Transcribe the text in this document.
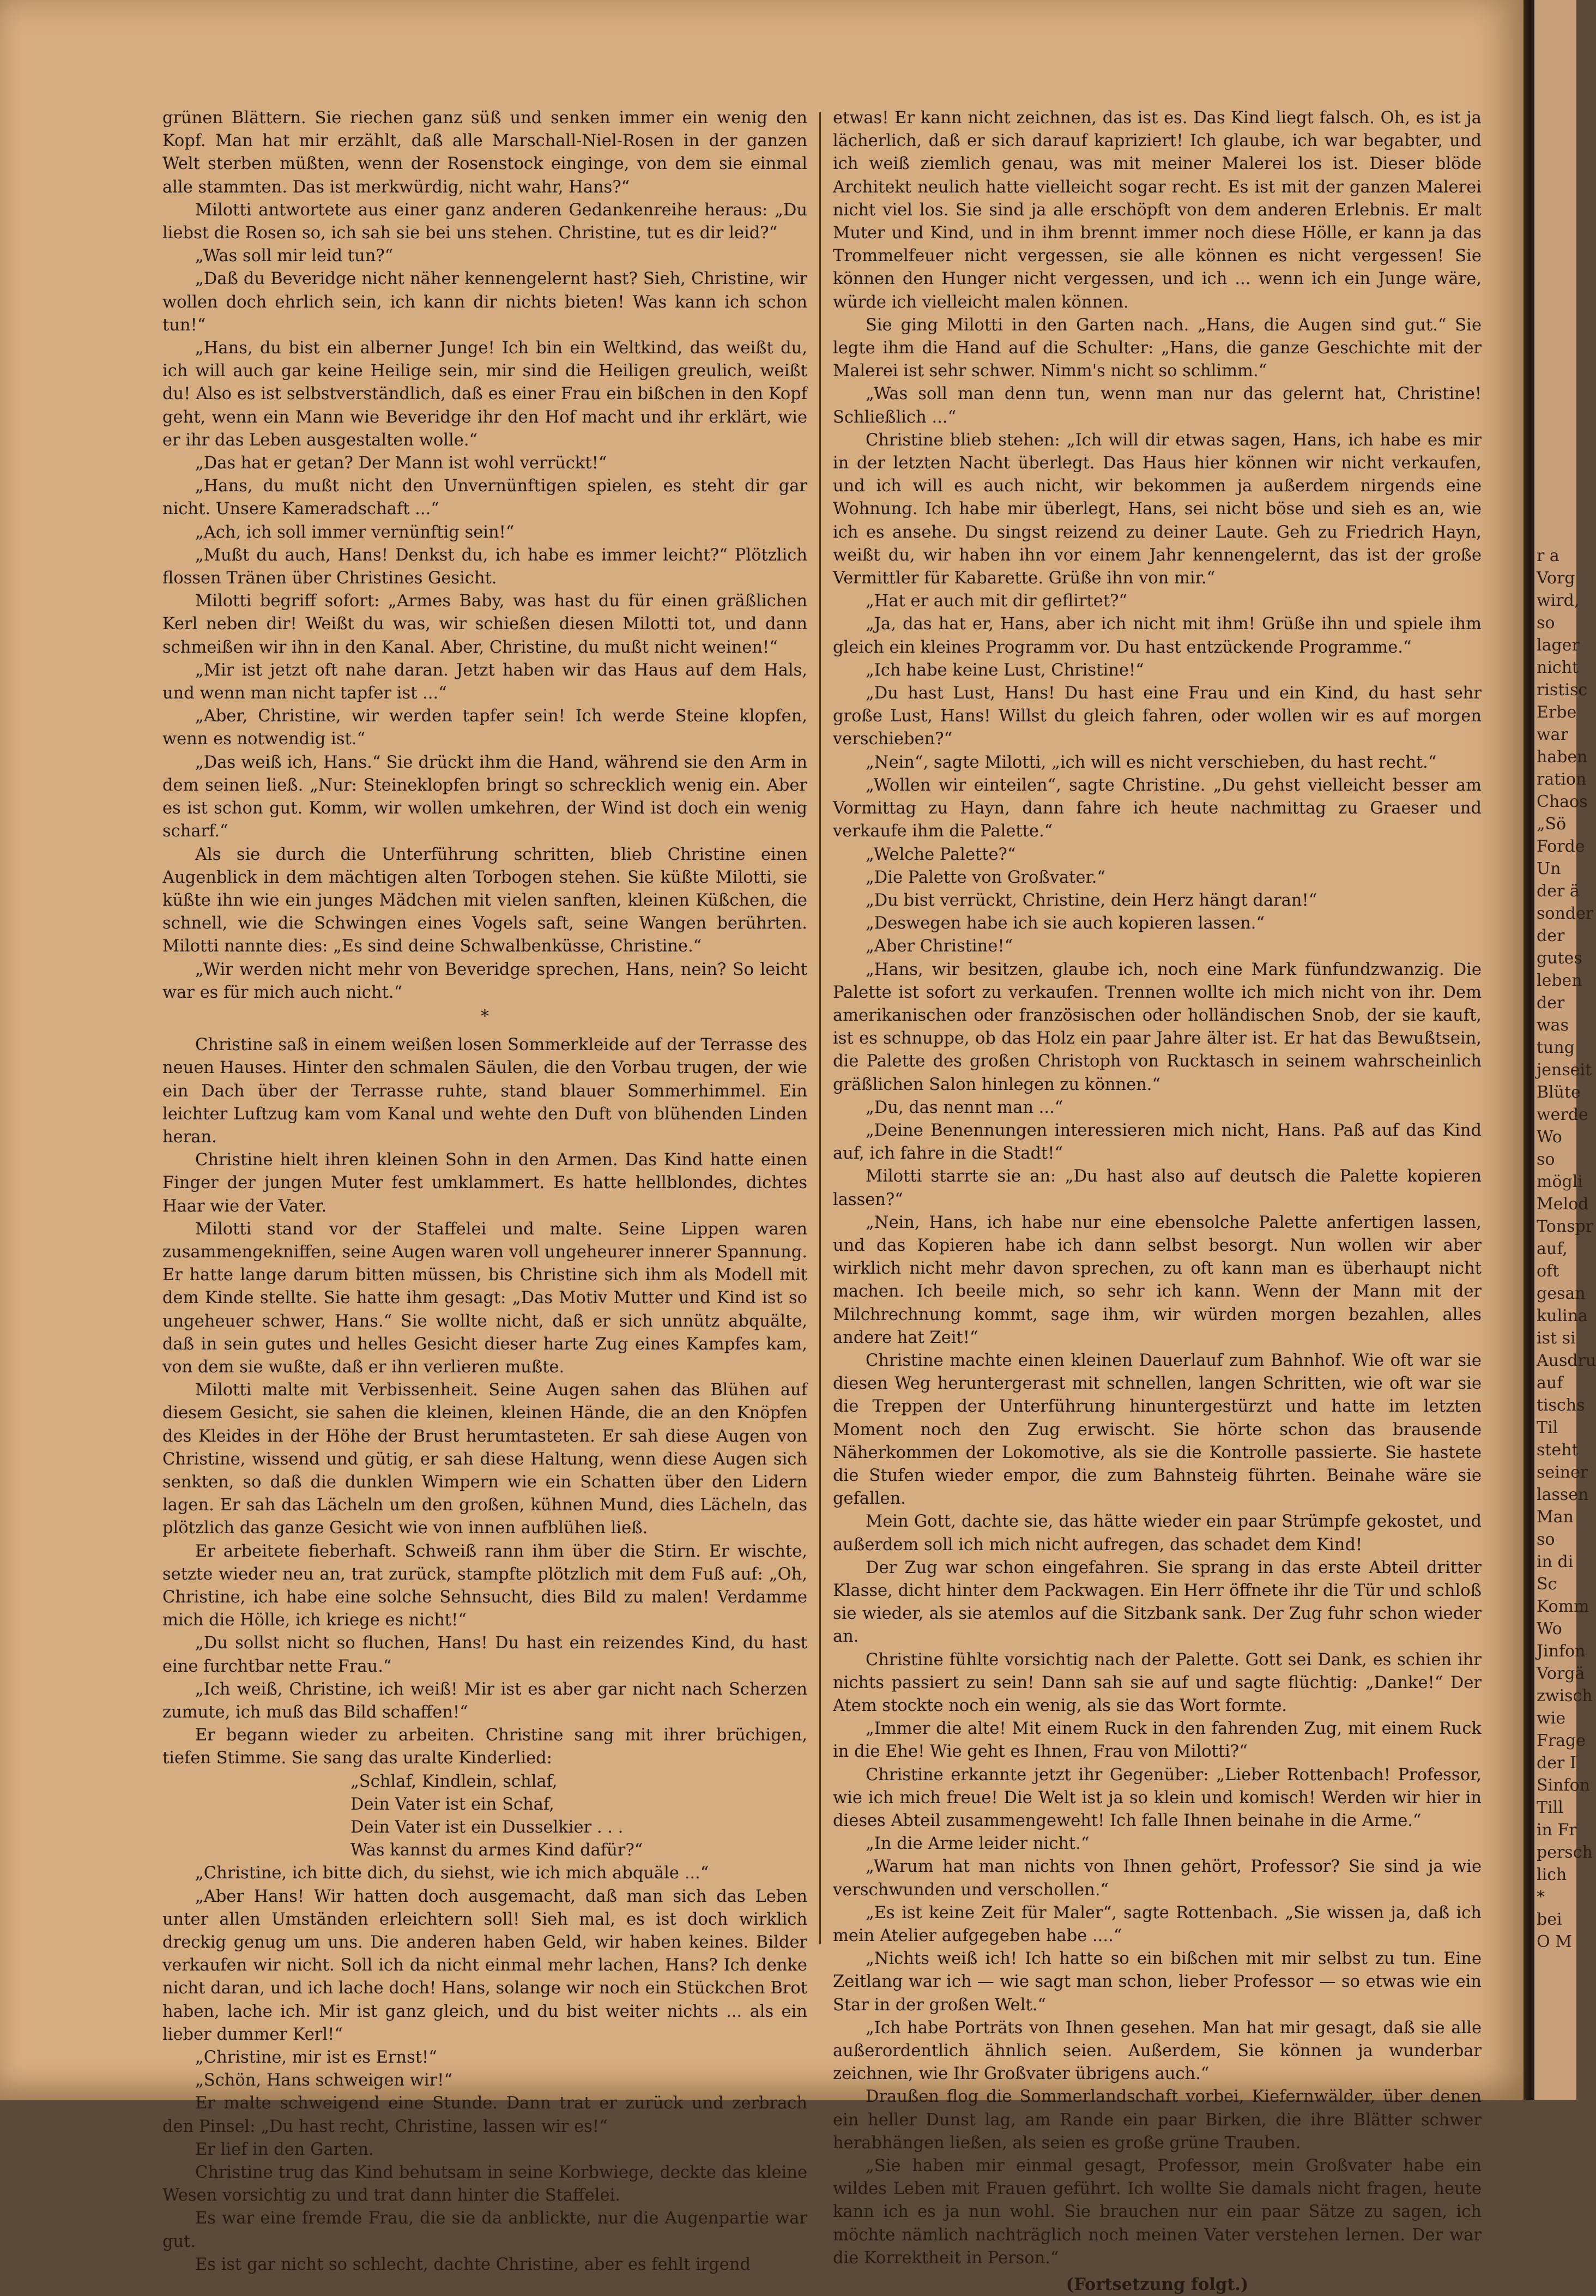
grünen Blättern. Sie riechen ganz süß und senken immer ein wenig den Kopf. Man hat mir erzählt, daß alle Marschall-Niel-Rosen in der ganzen Welt sterben müßten, wenn der Rosenstock einginge, von dem sie einmal alle stammten. Das ist merkwürdig, nicht wahr, Hans?“

Milotti antwortete aus einer ganz anderen Gedankenreihe heraus: „Du liebst die Rosen so, ich sah sie bei uns stehen. Christine, tut es dir leid?“

„Was soll mir leid tun?“

„Daß du Beveridge nicht näher kennengelernt hast? Sieh, Christine, wir wollen doch ehrlich sein, ich kann dir nichts bieten! Was kann ich schon tun!“

„Hans, du bist ein alberner Junge! Ich bin ein Weltkind, das weißt du, ich will auch gar keine Heilige sein, mir sind die Heiligen greulich, weißt du! Also es ist selbstverständlich, daß es einer Frau ein bißchen in den Kopf geht, wenn ein Mann wie Beveridge ihr den Hof macht und ihr erklärt, wie er ihr das Leben ausgestalten wolle.“

„Das hat er getan? Der Mann ist wohl verrückt!“

„Hans, du mußt nicht den Unvernünftigen spielen, es steht dir gar nicht. Unsere Kameradschaft ...“

„Ach, ich soll immer vernünftig sein!“

„Mußt du auch, Hans! Denkst du, ich habe es immer leicht?“ Plötzlich flossen Tränen über Christines Gesicht.

Milotti begriff sofort: „Armes Baby, was hast du für einen gräßlichen Kerl neben dir! Weißt du was, wir schießen diesen Milotti tot, und dann schmeißen wir ihn in den Kanal. Aber, Christine, du mußt nicht weinen!“

„Mir ist jetzt oft nahe daran. Jetzt haben wir das Haus auf dem Hals, und wenn man nicht tapfer ist ...“

„Aber, Christine, wir werden tapfer sein! Ich werde Steine klopfen, wenn es notwendig ist.“

„Das weiß ich, Hans.“ Sie drückt ihm die Hand, während sie den Arm in dem seinen ließ. „Nur: Steineklopfen bringt so schrecklich wenig ein. Aber es ist schon gut. Komm, wir wollen umkehren, der Wind ist doch ein wenig scharf.“

Als sie durch die Unterführung schritten, blieb Christine einen Augenblick in dem mächtigen alten Torbogen stehen. Sie küßte Milotti, sie küßte ihn wie ein junges Mädchen mit vielen sanften, kleinen Küßchen, die schnell, wie die Schwingen eines Vogels saft, seine Wangen berührten. Milotti nannte dies: „Es sind deine Schwalbenküsse, Christine.“

„Wir werden nicht mehr von Beveridge sprechen, Hans, nein? So leicht war es für mich auch nicht.“

*

Christine saß in einem weißen losen Sommerkleide auf der Terrasse des neuen Hauses. Hinter den schmalen Säulen, die den Vorbau trugen, der wie ein Dach über der Terrasse ruhte, stand blauer Sommerhimmel. Ein leichter Luftzug kam vom Kanal und wehte den Duft von blühenden Linden heran.

Christine hielt ihren kleinen Sohn in den Armen. Das Kind hatte einen Finger der jungen Muter fest umklammert. Es hatte hellblondes, dichtes Haar wie der Vater.

Milotti stand vor der Staffelei und malte. Seine Lippen waren zusammengekniffen, seine Augen waren voll ungeheurer innerer Spannung. Er hatte lange darum bitten müssen, bis Christine sich ihm als Modell mit dem Kinde stellte. Sie hatte ihm gesagt: „Das Motiv Mutter und Kind ist so ungeheuer schwer, Hans.“ Sie wollte nicht, daß er sich unnütz abquälte, daß in sein gutes und helles Gesicht dieser harte Zug eines Kampfes kam, von dem sie wußte, daß er ihn verlieren mußte.

Milotti malte mit Verbissenheit. Seine Augen sahen das Blühen auf diesem Gesicht, sie sahen die kleinen, kleinen Hände, die an den Knöpfen des Kleides in der Höhe der Brust herumtasteten. Er sah diese Augen von Christine, wissend und gütig, er sah diese Haltung, wenn diese Augen sich senkten, so daß die dunklen Wimpern wie ein Schatten über den Lidern lagen. Er sah das Lächeln um den großen, kühnen Mund, dies Lächeln, das plötzlich das ganze Gesicht wie von innen aufblühen ließ.

Er arbeitete fieberhaft. Schweiß rann ihm über die Stirn. Er wischte, setzte wieder neu an, trat zurück, stampfte plötzlich mit dem Fuß auf: „Oh, Christine, ich habe eine solche Sehnsucht, dies Bild zu malen! Verdamme mich die Hölle, ich kriege es nicht!“

„Du sollst nicht so fluchen, Hans! Du hast ein reizendes Kind, du hast eine furchtbar nette Frau.“

„Ich weiß, Christine, ich weiß! Mir ist es aber gar nicht nach Scherzen zumute, ich muß das Bild schaffen!“

Er begann wieder zu arbeiten. Christine sang mit ihrer brüchigen, tiefen Stimme. Sie sang das uralte Kinderlied:

„Schlaf, Kindlein, schlaf,
Dein Vater ist ein Schaf,
Dein Vater ist ein Dusselkier . . .
Was kannst du armes Kind dafür?“

„Christine, ich bitte dich, du siehst, wie ich mich abquäle ...“

„Aber Hans! Wir hatten doch ausgemacht, daß man sich das Leben unter allen Umständen erleichtern soll! Sieh mal, es ist doch wirklich dreckig genug um uns. Die anderen haben Geld, wir haben keines. Bilder verkaufen wir nicht. Soll ich da nicht einmal mehr lachen, Hans? Ich denke nicht daran, und ich lache doch! Hans, solange wir noch ein Stückchen Brot haben, lache ich. Mir ist ganz gleich, und du bist weiter nichts ... als ein lieber dummer Kerl!“

„Christine, mir ist es Ernst!“

„Schön, Hans schweigen wir!“

Er malte schweigend eine Stunde. Dann trat er zurück und zerbrach den Pinsel: „Du hast recht, Christine, lassen wir es!“

Er lief in den Garten.

Christine trug das Kind behutsam in seine Korbwiege, deckte das kleine Wesen vorsichtig zu und trat dann hinter die Staffelei.

Es war eine fremde Frau, die sie da anblickte, nur die Augenpartie war gut.

Es ist gar nicht so schlecht, dachte Christine, aber es fehlt irgend

etwas! Er kann nicht zeichnen, das ist es. Das Kind liegt falsch. Oh, es ist ja lächerlich, daß er sich darauf kapriziert! Ich glaube, ich war begabter, und ich weiß ziemlich genau, was mit meiner Malerei los ist. Dieser blöde Architekt neulich hatte vielleicht sogar recht. Es ist mit der ganzen Malerei nicht viel los. Sie sind ja alle erschöpft von dem anderen Erlebnis. Er malt Muter und Kind, und in ihm brennt immer noch diese Hölle, er kann ja das Trommelfeuer nicht vergessen, sie alle können es nicht vergessen! Sie können den Hunger nicht vergessen, und ich ... wenn ich ein Junge wäre, würde ich vielleicht malen können.

Sie ging Milotti in den Garten nach. „Hans, die Augen sind gut.“ Sie legte ihm die Hand auf die Schulter: „Hans, die ganze Geschichte mit der Malerei ist sehr schwer. Nimm's nicht so schlimm.“

„Was soll man denn tun, wenn man nur das gelernt hat, Christine! Schließlich ...“

Christine blieb stehen: „Ich will dir etwas sagen, Hans, ich habe es mir in der letzten Nacht überlegt. Das Haus hier können wir nicht verkaufen, und ich will es auch nicht, wir bekommen ja außerdem nirgends eine Wohnung. Ich habe mir überlegt, Hans, sei nicht böse und sieh es an, wie ich es ansehe. Du singst reizend zu deiner Laute. Geh zu Friedrich Hayn, weißt du, wir haben ihn vor einem Jahr kennengelernt, das ist der große Vermittler für Kabarette. Grüße ihn von mir.“

„Hat er auch mit dir geflirtet?“

„Ja, das hat er, Hans, aber ich nicht mit ihm! Grüße ihn und spiele ihm gleich ein kleines Programm vor. Du hast entzückende Programme.“

„Ich habe keine Lust, Christine!“

„Du hast Lust, Hans! Du hast eine Frau und ein Kind, du hast sehr große Lust, Hans! Willst du gleich fahren, oder wollen wir es auf morgen verschieben?“

„Nein“, sagte Milotti, „ich will es nicht verschieben, du hast recht.“

„Wollen wir einteilen“, sagte Christine. „Du gehst vielleicht besser am Vormittag zu Hayn, dann fahre ich heute nachmittag zu Graeser und verkaufe ihm die Palette.“

„Welche Palette?“

„Die Palette von Großvater.“

„Du bist verrückt, Christine, dein Herz hängt daran!“

„Deswegen habe ich sie auch kopieren lassen.“

„Aber Christine!“

„Hans, wir besitzen, glaube ich, noch eine Mark fünfundzwanzig. Die Palette ist sofort zu verkaufen. Trennen wollte ich mich nicht von ihr. Dem amerikanischen oder französischen oder holländischen Snob, der sie kauft, ist es schnuppe, ob das Holz ein paar Jahre älter ist. Er hat das Bewußtsein, die Palette des großen Christoph von Rucktasch in seinem wahrscheinlich gräßlichen Salon hinlegen zu können.“

„Du, das nennt man ...“

„Deine Benennungen interessieren mich nicht, Hans. Paß auf das Kind auf, ich fahre in die Stadt!“

Milotti starrte sie an: „Du hast also auf deutsch die Palette kopieren lassen?“

„Nein, Hans, ich habe nur eine ebensolche Palette anfertigen lassen, und das Kopieren habe ich dann selbst besorgt. Nun wollen wir aber wirklich nicht mehr davon sprechen, zu oft kann man es überhaupt nicht machen. Ich beeile mich, so sehr ich kann. Wenn der Mann mit der Milchrechnung kommt, sage ihm, wir würden morgen bezahlen, alles andere hat Zeit!“

Christine machte einen kleinen Dauerlauf zum Bahnhof. Wie oft war sie diesen Weg heruntergerast mit schnellen, langen Schritten, wie oft war sie die Treppen der Unterführung hinuntergestürzt und hatte im letzten Moment noch den Zug erwischt. Sie hörte schon das brausende Näherkommen der Lokomotive, als sie die Kontrolle passierte. Sie hastete die Stufen wieder empor, die zum Bahnsteig führten. Beinahe wäre sie gefallen.

Mein Gott, dachte sie, das hätte wieder ein paar Strümpfe gekostet, und außerdem soll ich mich nicht aufregen, das schadet dem Kind!

Der Zug war schon eingefahren. Sie sprang in das erste Abteil dritter Klasse, dicht hinter dem Packwagen. Ein Herr öffnete ihr die Tür und schloß sie wieder, als sie atemlos auf die Sitzbank sank. Der Zug fuhr schon wieder an.

Christine fühlte vorsichtig nach der Palette. Gott sei Dank, es schien ihr nichts passiert zu sein! Dann sah sie auf und sagte flüchtig: „Danke!“ Der Atem stockte noch ein wenig, als sie das Wort formte.

„Immer die alte! Mit einem Ruck in den fahrenden Zug, mit einem Ruck in die Ehe! Wie geht es Ihnen, Frau von Milotti?“

Christine erkannte jetzt ihr Gegenüber: „Lieber Rottenbach! Professor, wie ich mich freue! Die Welt ist ja so klein und komisch! Werden wir hier in dieses Abteil zusammengeweht! Ich falle Ihnen beinahe in die Arme.“

„In die Arme leider nicht.“

„Warum hat man nichts von Ihnen gehört, Professor? Sie sind ja wie verschwunden und verschollen.“

„Es ist keine Zeit für Maler“, sagte Rottenbach. „Sie wissen ja, daß ich mein Atelier aufgegeben habe ....“

„Nichts weiß ich! Ich hatte so ein bißchen mit mir selbst zu tun. Eine Zeitlang war ich — wie sagt man schon, lieber Professor — so etwas wie ein Star in der großen Welt.“

„Ich habe Porträts von Ihnen gesehen. Man hat mir gesagt, daß sie alle außerordentlich ähnlich seien. Außerdem, Sie können ja wunderbar zeichnen, wie Ihr Großvater übrigens auch.“

Draußen flog die Sommerlandschaft vorbei, Kiefernwälder, über denen ein heller Dunst lag, am Rande ein paar Birken, die ihre Blätter schwer herabhängen ließen, als seien es große grüne Trauben.

„Sie haben mir einmal gesagt, Professor, mein Großvater habe ein wildes Leben mit Frauen geführt. Ich wollte Sie damals nicht fragen, heute kann ich es ja nun wohl. Sie brauchen nur ein paar Sätze zu sagen, ich möchte nämlich nachträglich noch meinen Vater verstehen lernen. Der war die Korrektheit in Person.“

(Fortsetzung folgt.)
r a
Vorg
wird,
so
lager
nicht
ristisc
Erbe
war
haben
ration
Chaos
„Sö
Forde
Un
der ä
sonder
der
gutes
leben
der
was
tung
jenseit
Blüte
werde
Wo
so
mögli
Melod
Tonspr
auf,
oft
gesan
kulina
ist si
Ausdru
auf
tischs
Til
steht
seiner
lassen
Man
so
in di
Sc
Komm
Wo
Jinfon
Vorgä
zwisch
wie
Frage
der I
Sinfon
Till
in Fr
persch
lich
*
bei
O M
